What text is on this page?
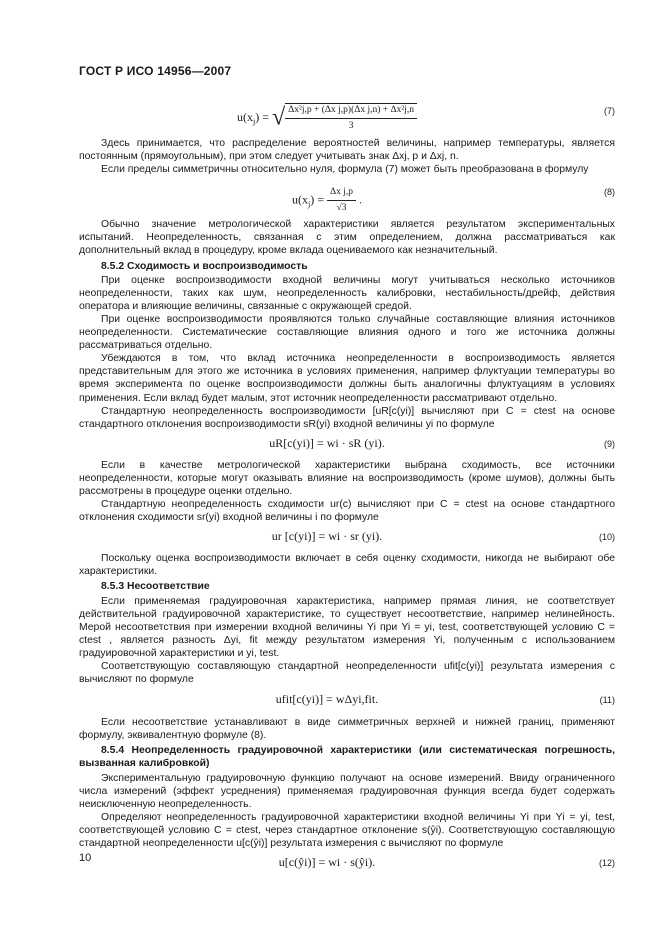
ГОСТ Р ИСО 14956—2007
$u(x_j)$ = √ $\frac{\text{Δx²j,p + (Δx j,p)(Δx j,n) + Δx²j,n}}{3}$	(7)

Здесь принимается, что распределение вероятностей величины, например температуры, является постоянным (прямоугольным), при этом следует учитывать знак Δxj, p и Δxj, n.

Если пределы симметричны относительно нуля, формула (7) может быть преобразована в формулу

$u(x_j) = \frac{\text{Δx j,p}}{√3}$ .
(8)

Обычно значение метрологической характеристики является результатом экспериментальных испытаний. Неопределенность, связанная с этим определением, должна рассматриваться как дополнительный вклад в процедуру, кроме вклада оцениваемого как незначительный.

8.5.2 Сходимость и воспроизводимость

При оценке воспроизводимости входной величины могут учитываться несколько источников неопределенности, таких как шум, неопределенность калибровки, нестабильность/дрейф, действия оператора и влияющие величины, связанные с окружающей средой.

При оценке воспроизводимости проявляются только случайные составляющие влияния источников неопределенности. Систематические составляющие влияния одного и того же источника должны рассматриваться отдельно.

Убеждаются в том, что вклад источника неопределенности в воспроизводимость является представительным для этого же источника в условиях применения, например флуктуации температуры во время эксперимента по оценке воспроизводимости должны быть аналогичны флуктуациям в условиях применения. Если вклад будет малым, этот источник неопределенности рассматривают отдельно.

Стандартную неопределенность воспроизводимости [uR[c(yi)] вычисляют при C = ctest на основе стандартного отклонения воспроизводимости sR(yi) входной величины yi по формуле

uR[c(yi)] = wi · sR (yi).	(9)

Если в качестве метрологической характеристики выбрана сходимость, все источники неопределенности, которые могут оказывать влияние на воспроизводимость (кроме шумов), должны быть рассмотрены в процедуре оценки отдельно.

Стандартную неопределенность сходимости ur(c) вычисляют при C = ctest на основе стандартного отклонения сходимости sr(yi) входной величины i по формуле

ur [c(yi)] = wi · sr (yi).	(10)

Поскольку оценка воспроизводимости включает в себя оценку сходимости, никогда не выбирают обе характеристики.

8.5.3 Несоответствие

Если применяемая градуировочная характеристика, например прямая линия, не соответствует действительной градуировочной характеристике, то существует несоответствие, например нелинейность. Мерой несоответствия при измерении входной величины Yi при Yi = yi, test, соответствующей условию C = ctest , является разность Δyi, fit между результатом измерения Yi, полученным с использованием градуировочной характеристики и yi, test.

Соответствующую составляющую стандартной неопределенности ufit[c(yi)] результата измерения c вычисляют по формуле

ufit[c(yi)] = wΔyi,fit.	(11)

Если несоответствие устанавливают в виде симметричных верхней и нижней границ, применяют формулу, эквивалентную формуле (8).

8.5.4 Неопределенность градуировочной характеристики (или систематическая погрешность, вызванная калибровкой)

Экспериментальную градуировочную функцию получают на основе измерений. Ввиду ограниченного числа измерений (эффект усреднения) применяемая градуировочная функция всегда будет содержать неисключенную неопределенность.

Определяют неопределенность градуировочной характеристики входной величины Yi при Yi = yi, test, соответствующей условию C = ctest, через стандартное отклонение s(ŷi). Соответствующую составляющую стандартной неопределенности u[c(ŷi)] результата измерения c вычисляют по формуле

u[c(ŷi)] = wi · s(ŷi).	(12)
10
